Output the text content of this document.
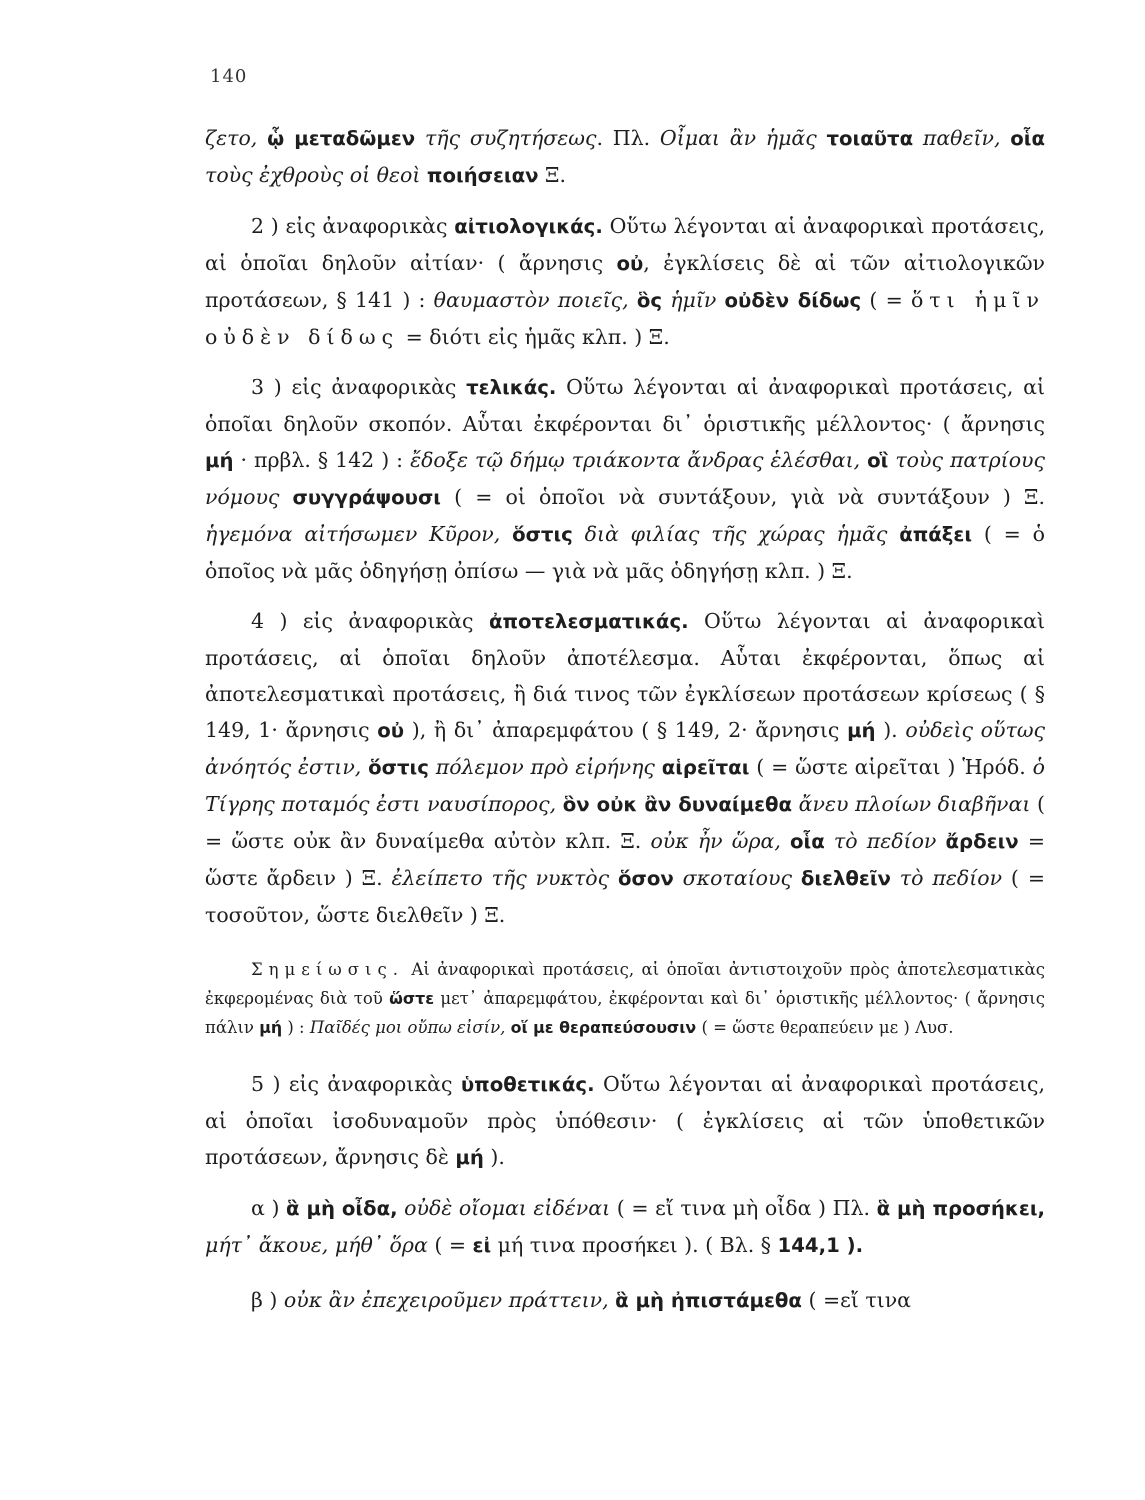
140

ζετο, ᾧ μεταδῶμεν τῆς συζητήσεως. Πλ. Οἶμαι ἂν ἡμᾶς τοιαῦτα παθεῖν, οἷα τοὺς ἐχθροὺς οἱ θεοὶ ποιήσειαν Ξ.

2 ) εἰς ἀναφορικὰς αἰτιολογικάς. Οὕτω λέγονται αἱ ἀναφορικαὶ προτάσεις, αἱ ὁποῖαι δηλοῦν αἰτίαν· ( ἄρνησις οὐ, ἐγκλίσεις δὲ αἱ τῶν αἰτιολογικῶν προτάσεων, § 141 ) : θαυμαστὸν ποιεῖς, ὃς ἡμῖν οὐδὲν δίδως ( = ὅτι ἡμῖν οὐδὲν δίδως = διότι εἰς ἡμᾶς κλπ. ) Ξ.

3 ) εἰς ἀναφορικὰς τελικάς. Οὕτω λέγονται αἱ ἀναφορικαὶ προτάσεις, αἱ ὁποῖαι δηλοῦν σκοπόν. Αὗται ἐκφέρονται δι᾽ ὁριστικῆς μέλλοντος· ( ἄρνησις μή · πρβλ. § 142 ) : ἔδοξε τῷ δήμῳ τριάκοντα ἄνδρας ἑλέσθαι, οἳ τοὺς πατρίους νόμους συγγράψουσι ( = οἱ ὁποῖοι νὰ συντάξουν, γιὰ νὰ συντάξουν ) Ξ. ἡγεμόνα αἰτήσωμεν Κῦρον, ὅστις διὰ φιλίας τῆς χώρας ἡμᾶς ἀπάξει ( = ὁ ὁποῖος νὰ μᾶς ὁδηγήσῃ ὀπίσω — γιὰ νὰ μᾶς ὁδηγήσῃ κλπ. ) Ξ.

4 ) εἰς ἀναφορικὰς ἀποτελεσματικάς. Οὕτω λέγονται αἱ ἀναφορικαὶ προτάσεις, αἱ ὁποῖαι δηλοῦν ἀποτέλεσμα. Αὗται ἐκφέρονται, ὅπως αἱ ἀποτελεσματικαὶ προτάσεις, ἢ διά τινος τῶν ἐγκλίσεων προτάσεων κρίσεως ( § 149, 1· ἄρνησις οὐ ), ἢ δι᾽ ἀπαρεμφάτου ( § 149, 2· ἄρνησις μή ). οὐδεὶς οὕτως ἀνόητός ἐστιν, ὅστις πόλεμον πρὸ εἰρήνης αἱρεῖται ( = ὥστε αἱρεῖται ) Ἡρόδ. ὁ Τίγρης ποταμός ἐστι ναυσίπορος, ὃν οὐκ ἂν δυναίμεθα ἄνευ πλοίων διαβῆναι ( = ὥστε οὐκ ἂν δυναίμεθα αὐτὸν κλπ. Ξ. οὐκ ἦν ὥρα, οἷα τὸ πεδίον ἄρδειν = ὥστε ἄρδειν ) Ξ. ἐλείπετο τῆς νυκτὸς ὅσον σκοταίους διελθεῖν τὸ πεδίον ( = τοσοῦτον, ὥστε διελθεῖν ) Ξ.

Σημείωσις. Αἱ ἀναφορικαὶ προτάσεις, αἱ ὁποῖαι ἀντιστοιχοῦν πρὸς ἀποτελεσματικὰς ἐκφερομένας διὰ τοῦ ὥστε μετ᾽ ἀπαρεμφάτου, ἐκφέρονται καὶ δι᾽ ὁριστικῆς μέλλοντος· ( ἄρνησις πάλιν μή ) : Παῖδές μοι οὔπω εἰσίν, οἵ με θεραπεύσουσιν ( = ὥστε θεραπεύειν με ) Λυσ.

5 ) εἰς ἀναφορικὰς ὑποθετικάς. Οὕτω λέγονται αἱ ἀναφορικαὶ προτάσεις, αἱ ὁποῖαι ἰσοδυναμοῦν πρὸς ὑπόθεσιν· ( ἐγκλίσεις αἱ τῶν ὑποθετικῶν προτάσεων, ἄρνησις δὲ μή ).

α ) ἃ μὴ οἶδα, οὐδὲ οἴομαι εἰδέναι ( = εἴ τινα μὴ οἶδα ) Πλ. ἃ μὴ προσήκει, μήτ᾽ ἄκουε, μήθ᾽ ὅρα ( = εἰ μή τινα προσήκει ). ( Βλ. § 144,1 ).

β ) οὐκ ἂν ἐπεχειροῦμεν πράττειν, ἃ μὴ ἠπιστάμεθα ( =εἴ τινα
